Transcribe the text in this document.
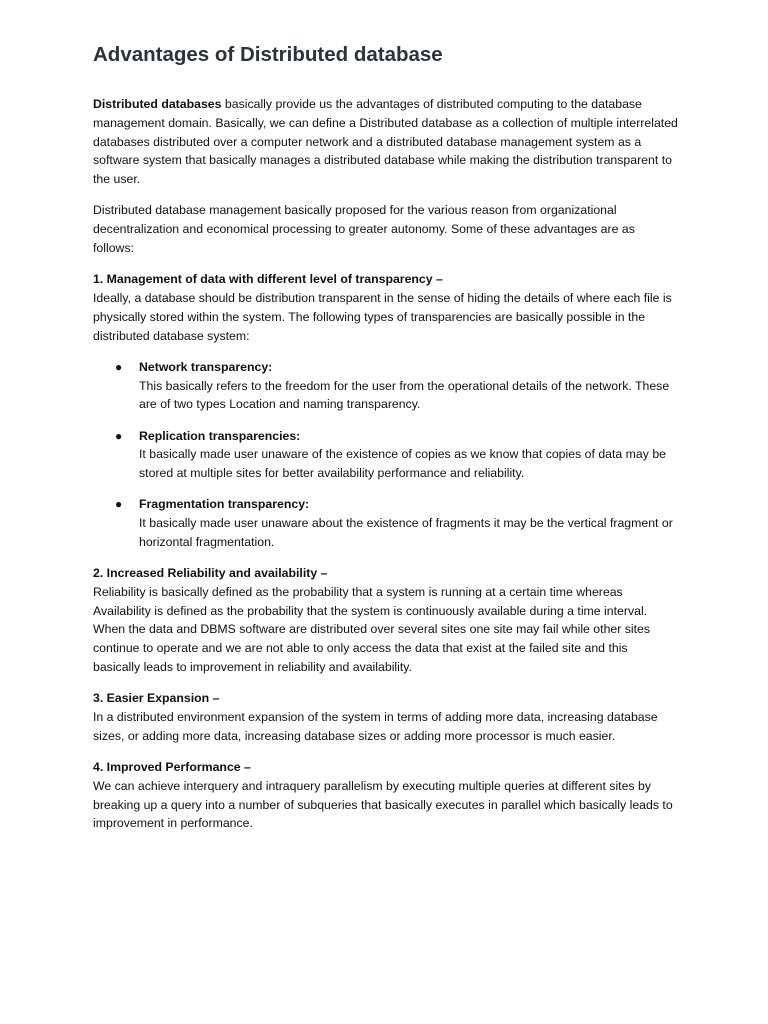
Advantages of Distributed database

Distributed databases basically provide us the advantages of distributed computing to the database management domain. Basically, we can define a Distributed database as a collection of multiple interrelated databases distributed over a computer network and a distributed database management system as a software system that basically manages a distributed database while making the distribution transparent to the user.

Distributed database management basically proposed for the various reason from organizational decentralization and economical processing to greater autonomy. Some of these advantages are as follows:

1. Management of data with different level of transparency –
Ideally, a database should be distribution transparent in the sense of hiding the details of where each file is physically stored within the system. The following types of transparencies are basically possible in the distributed database system:

● Network transparency:
This basically refers to the freedom for the user from the operational details of the network. These are of two types Location and naming transparency.
● Replication transparencies:
It basically made user unaware of the existence of copies as we know that copies of data may be stored at multiple sites for better availability performance and reliability.
● Fragmentation transparency:
It basically made user unaware about the existence of fragments it may be the vertical fragment or horizontal fragmentation.

2. Increased Reliability and availability –
Reliability is basically defined as the probability that a system is running at a certain time whereas Availability is defined as the probability that the system is continuously available during a time interval. When the data and DBMS software are distributed over several sites one site may fail while other sites continue to operate and we are not able to only access the data that exist at the failed site and this basically leads to improvement in reliability and availability.

3. Easier Expansion –
In a distributed environment expansion of the system in terms of adding more data, increasing database sizes, or adding more data, increasing database sizes or adding more processor is much easier.

4. Improved Performance –
We can achieve interquery and intraquery parallelism by executing multiple queries at different sites by breaking up a query into a number of subqueries that basically executes in parallel which basically leads to improvement in performance.
